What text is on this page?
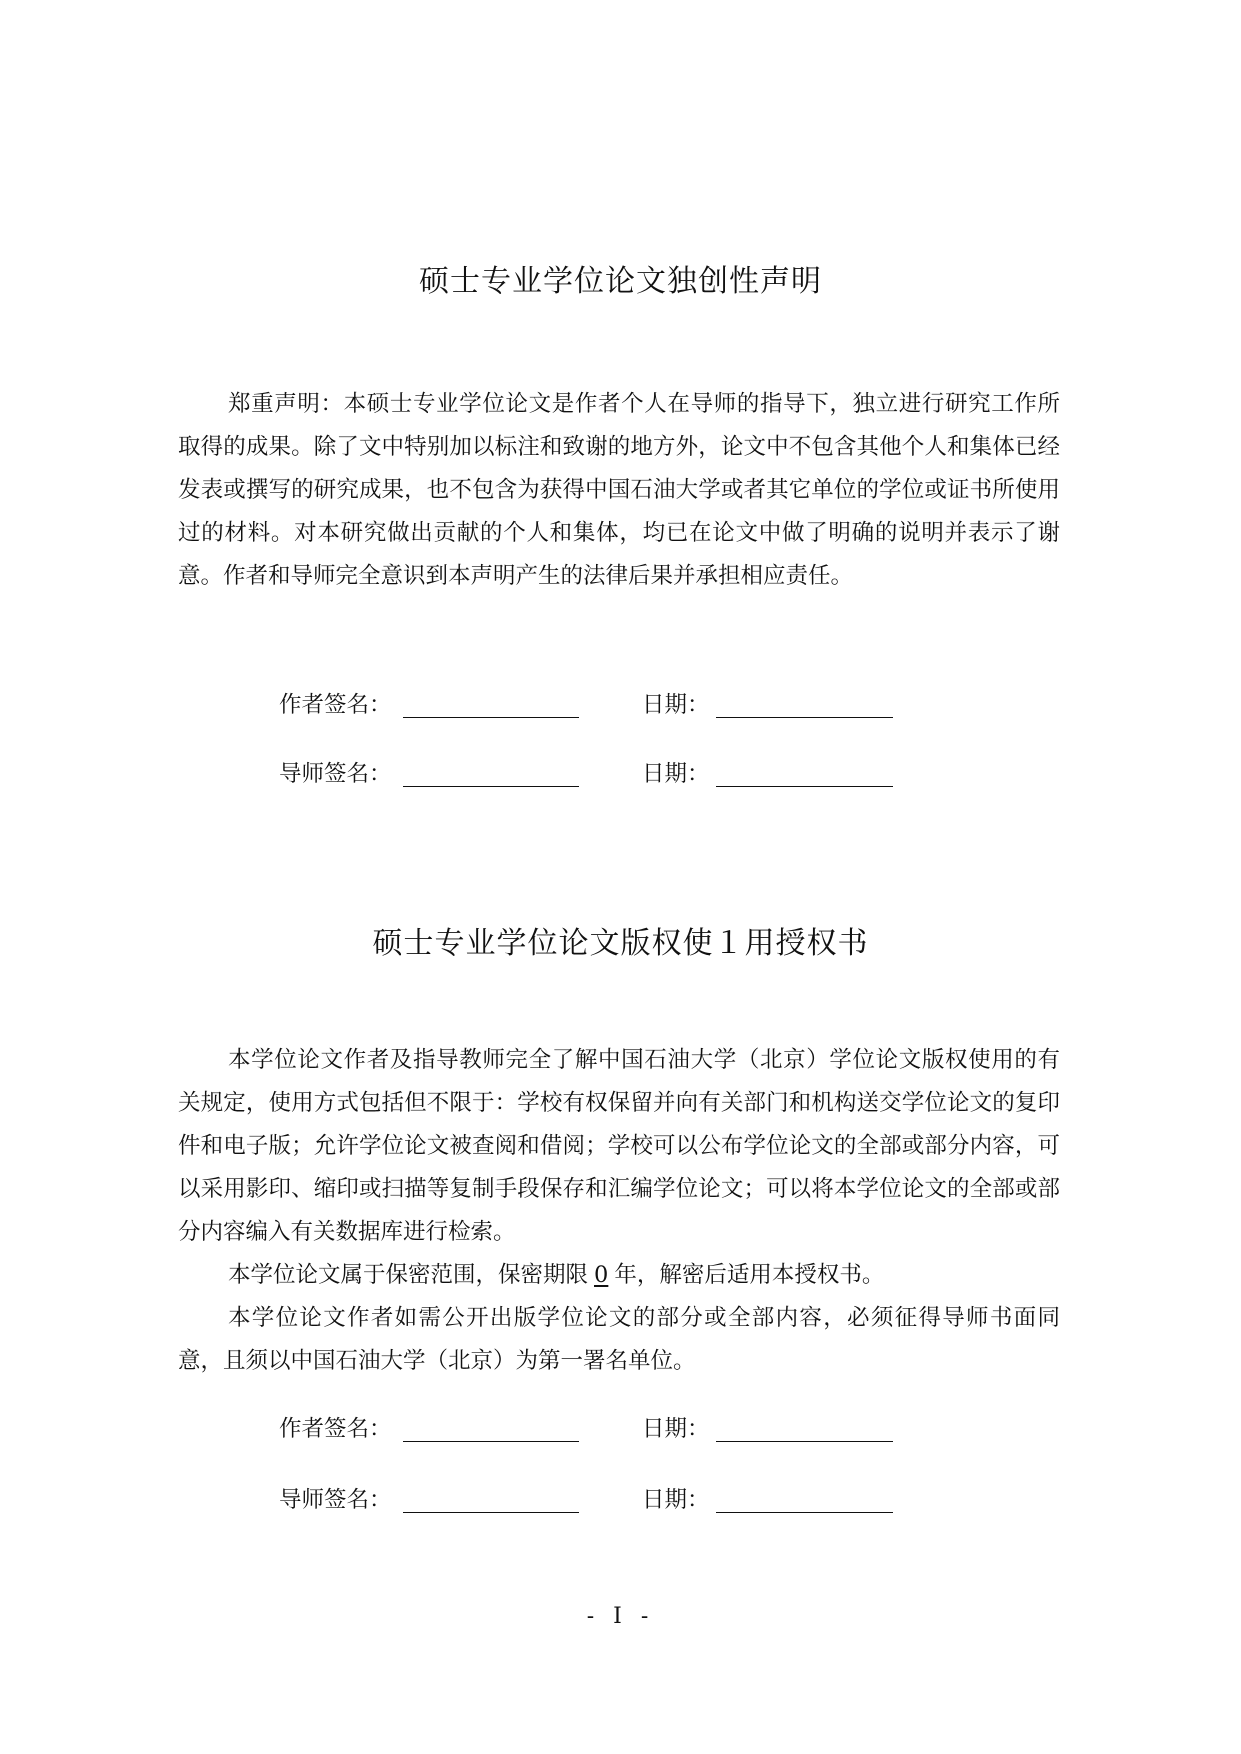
硕士专业学位论文独创性声明

郑重声明：本硕士专业学位论文是作者个人在导师的指导下，独立进行研究工作所取得的成果。除了文中特别加以标注和致谢的地方外，论文中不包含其他个人和集体已经发表或撰写的研究成果，也不包含为获得中国石油大学或者其它单位的学位或证书所使用过的材料。对本研究做出贡献的个人和集体，均已在论文中做了明确的说明并表示了谢意。作者和导师完全意识到本声明产生的法律后果并承担相应责任。

作者签名：	日期：
导师签名：	日期：
硕士专业学位论文版权使１用授权书

本学位论文作者及指导教师完全了解中国石油大学（北京）学位论文版权使用的有关规定，使用方式包括但不限于：学校有权保留并向有关部门和机构送交学位论文的复印件和电子版；允许学位论文被查阅和借阅；学校可以公布学位论文的全部或部分内容，可以采用影印、缩印或扫描等复制手段保存和汇编学位论文；可以将本学位论文的全部或部分内容编入有关数据库进行检索。

本学位论文属于保密范围，保密期限 0 年，解密后适用本授权书。

本学位论文作者如需公开出版学位论文的部分或全部内容，必须征得导师书面同意，且须以中国石油大学（北京）为第一署名单位。

作者签名：	日期：
导师签名：	日期：
- I -
